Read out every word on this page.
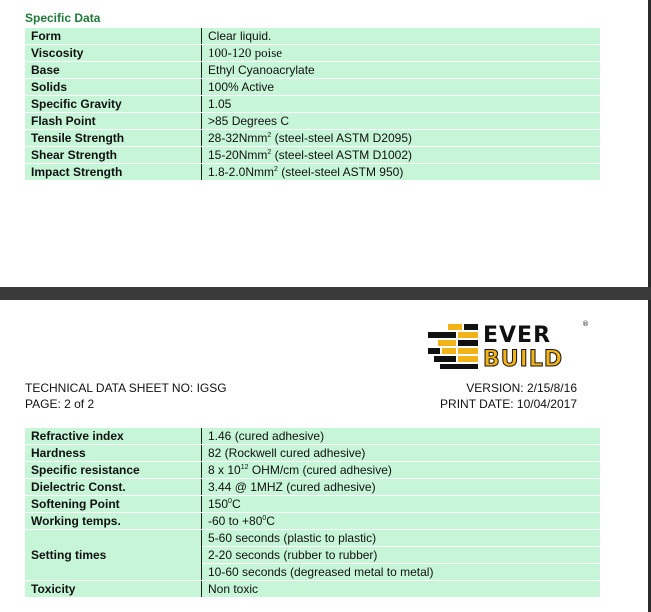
Specific Data
Form	Clear liquid.
Viscosity	100-120 poise
Base	Ethyl Cyanoacrylate
Solids	100% Active
Specific Gravity	1.05
Flash Point	>85 Degrees C
Tensile Strength	28-32Nmm$^2$ (steel-steel ASTM D2095)
Shear Strength	15-20Nmm$^2$ (steel-steel ASTM D1002)
Impact Strength	1.8-2.0Nmm$^2$ (steel-steel ASTM 950)
EVER
BUILD
®
TECHNICAL DATA SHEET NO: IGSG
PAGE: 2 of 2
VERSION: 2/15/8/16
PRINT DATE: 10/04/2017
Refractive index	1.46 (cured adhesive)
Hardness	82 (Rockwell cured adhesive)
Specific resistance	8 x $10^{12}$ OHM/cm (cured adhesive)
Dielectric Const.	3.44 @ 1MHZ (cured adhesive)
Softening Point	$150^0C$
Working temps.	-60 to $+80^0C$
Setting times	5-60 seconds (plastic to plastic)
	2-20 seconds (rubber to rubber)
	10-60 seconds (degreased metal to metal)
Toxicity	Non toxic
